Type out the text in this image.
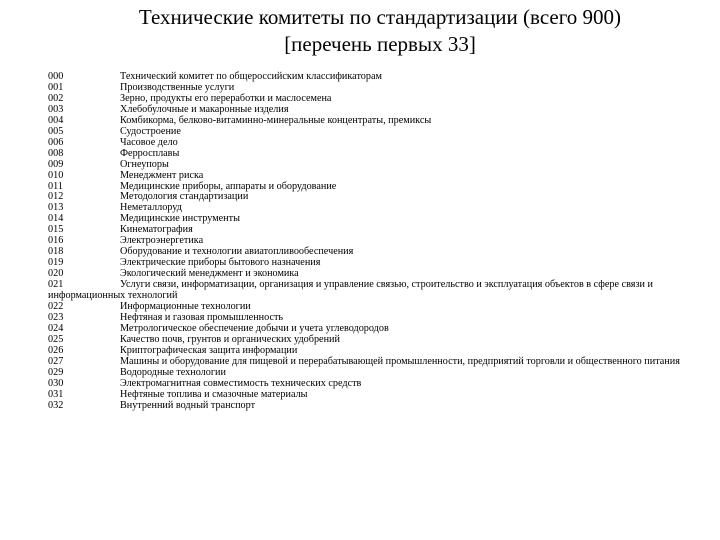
Технические комитеты по стандартизации (всего 900)
[перечень первых 33]
000	Технический комитет по общероссийским классификаторам
001	Производственные услуги
002	Зерно, продукты его переработки и маслосемена
003	Хлебобулочные и макаронные изделия
004	Комбикорма, белково-витаминно-минеральные концентраты, премиксы
005	Судостроение
006	Часовое дело
008	Ферросплавы
009	Огнеупоры
010	Менеджмент риска
011	Медицинские приборы, аппараты и оборудование
012	Методология стандартизации
013	Неметаллоруд
014	Медицинские инструменты
015	Кинематография
016	Электроэнергетика
018	Оборудование и технологии авиатопливообеспечения
019	Электрические приборы бытового назначения
020	Экологический менеджмент и экономика
021	Услуги связи, информатизации, организация и управление связью, строительство и эксплуатация объектов в сфере связи и информационных технологий
022	Информационные технологии
023	Нефтяная и газовая промышленность
024	Метрологическое обеспечение добычи и учета углеводородов
025	Качество почв, грунтов и органических удобрений
026	Криптографическая защита информации
027	Машины и оборудование для пищевой и перерабатывающей промышленности, предприятий торговли и общественного питания
029	Водородные технологии
030	Электромагнитная совместимость технических средств
031	Нефтяные топлива и смазочные материалы
032	Внутренний водный транспорт
